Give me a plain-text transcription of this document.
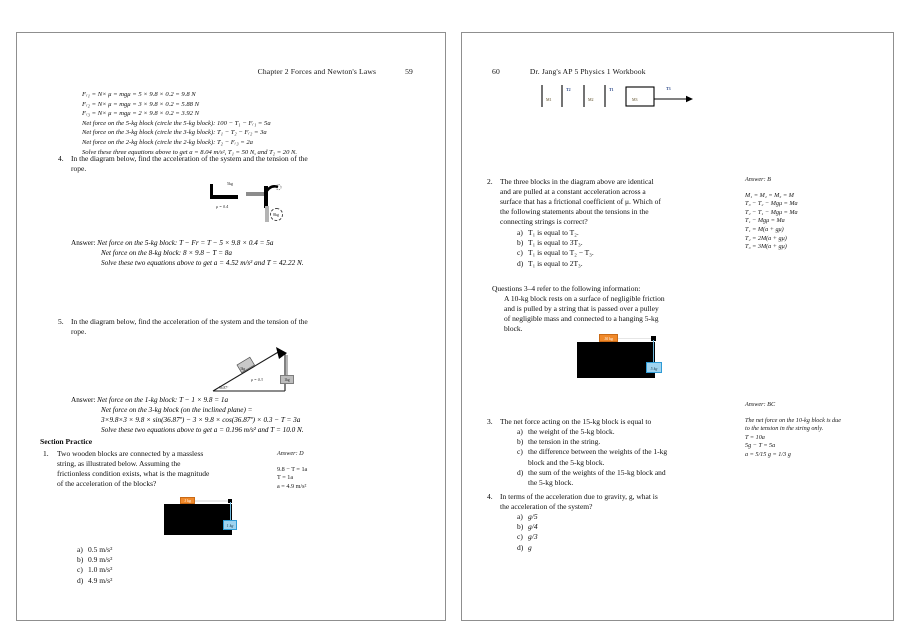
Chapter 2 Forces and Newton's Laws	59
Fᵣ₁ = N× μ = mgμ = 5 × 9.8 × 0.2 = 9.8 N
Fᵣ₂ = N× μ = mgμ = 3 × 9.8 × 0.2 = 5.88 N
Fᵣ₃ = N× μ = mgμ = 2 × 9.8 × 0.2 = 3.92 N
Net force on the 5-kg block (circle the 5-kg block): 100 − T₁ − Fᵣ₁ = 5a
Net force on the 3-kg block (circle the 3-kg block): T₁ − T₂ − Fᵣ₂ = 3a
Net force on the 2-kg block (circle the 2-kg block): T₂ − Fᵣ₃ = 2a
Solve these three equations above to get a = 8.04 m/s², T₁ = 50 N, and T₂ = 20 N.
4. In the diagram below, find the acceleration of the system and the tension of the
rope.
5kg
μ = 0.4
8kg
Answer: Net force on the 5-kg block: T − Fr = T − 5 × 9.8 × 0.4 = 5a
Net force on the 8-kg block: 8 × 9.8 − T = 8a
Solve these two equations above to get a = 4.52 m/s² and T = 42.22 N.
5. In the diagram below, find the acceleration of the system and the tension of the
rope.
3kg
μ = 0.3
36.87º
1kg
Answer: Net force on the 1-kg block: T − 1 × 9.8 = 1a
Net force on the 3-kg block (on the inclined plane) =
3×9.8×3 × 9.8 × sin(36.87º) − 3 × 9.8 × cos(36.87º) × 0.3 − T = 3a
Solve these two equations above to get a = 0.196 m/s² and T = 10.0 N.
Section Practice
1. Two wooden blocks are connected by a massless
string, as illustrated below. Assuming the
frictionless condition exists, what is the magnitude
of the acceleration of the blocks?
Answer: D
9.8 − T = 1a
T = 1a
a = 4.9 m/s²
1 kg
1 kg
a) 0.5 m/s²
b) 0.9 m/s²
c) 1.0 m/s²
d) 4.9 m/s²
60	Dr. Jang's AP 5 Physics 1 Workbook
M1	M2	M3
T2	T1	T3
2. The three blocks in the diagram above are identical
and are pulled at a constant acceleration across a
surface that has a frictional coefficient of μ. Which of
the following statements about the tensions in the
connecting strings is correct?
a) T₁ is equal to T₂.
b) T₁ is equal to 3T₃.
c) T₁ is equal to T₂ − T₃.
d) T₁ is equal to 2T₃.
Answer: B
M₁ = M₂ = M₃ = M
T₃ − T₂ − Mgμ = Ma
T₂ − T₁ − Mgμ = Ma
T₁ − Mgμ = Ma
T₁ = M(a + gμ)
T₂ = 2M(a + gμ)
T₃ = 3M(a + gμ)
Questions 3–4 refer to the following information:
A 10-kg block rests on a surface of negligible friction
and is pulled by a string that is passed over a pulley
of negligible mass and connected to a hanging 5-kg
block.
10 kg
5 kg
3. The net force acting on the 15-kg block is equal to
a) the weight of the 5-kg block.
b) the tension in the string.
c) the difference between the weights of the 1-kg
block and the 5-kg block.
d) the sum of the weights of the 15-kg block and
the 5-kg block.
Answer: BC
The net force on the 10-kg block is due
to the tension in the string only.
T = 10a
5g − T = 5a
a = 5/15 g = 1/3 g
4. In terms of the acceleration due to gravity, g, what is
the acceleration of the system?
a) g/5
b) g/4
c) g/3
d) g
